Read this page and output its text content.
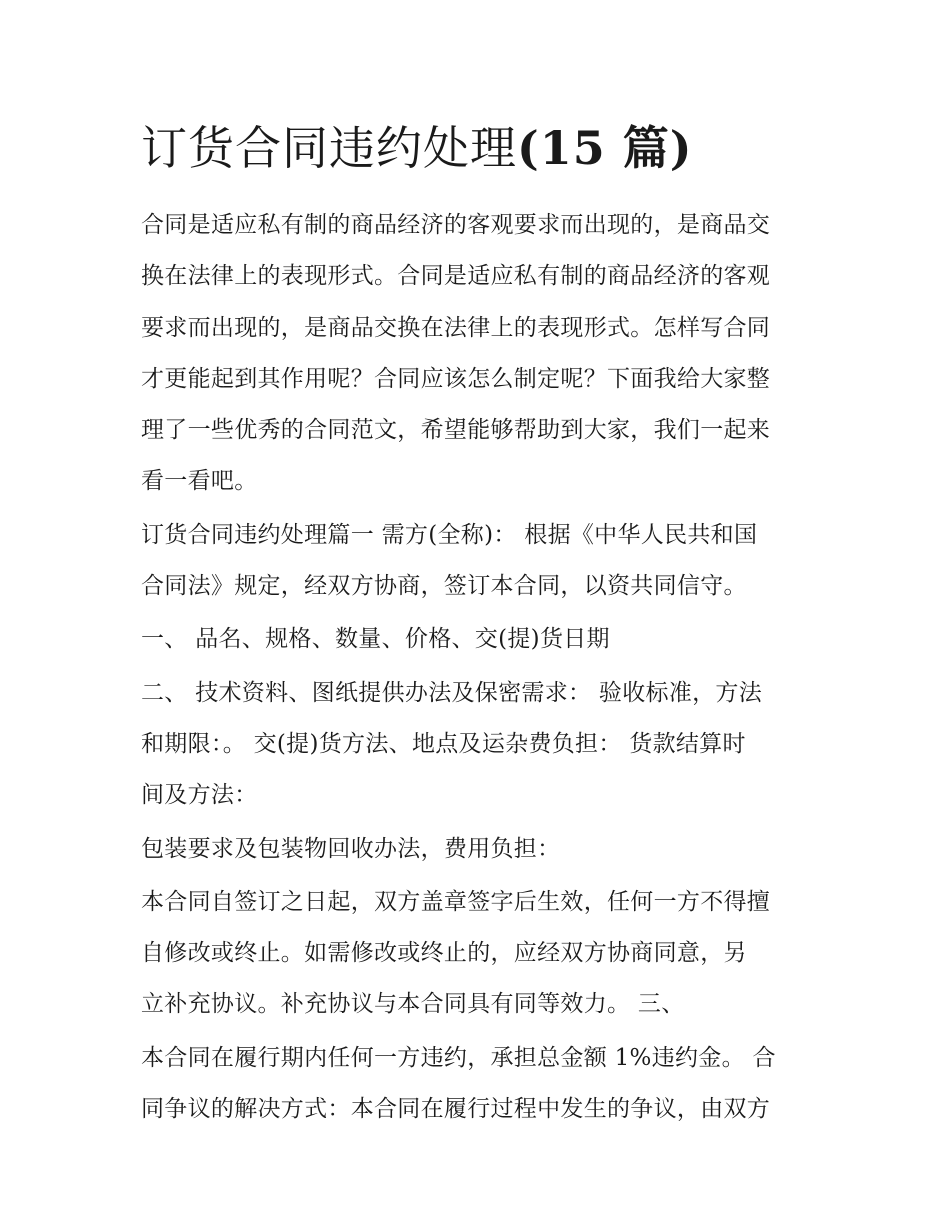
订货合同违约处理(15 篇)
合同是适应私有制的商品经济的客观要求而出现的，是商品交
换在法律上的表现形式。合同是适应私有制的商品经济的客观
要求而出现的，是商品交换在法律上的表现形式。怎样写合同
才更能起到其作用呢？合同应该怎么制定呢？下面我给大家整
理了一些优秀的合同范文，希望能够帮助到大家，我们一起来
看一看吧。
订货合同违约处理篇一 需方(全称)： 根据《中华人民共和国
合同法》规定，经双方协商，签订本合同，以资共同信守。
一、 品名、规格、数量、价格、交(提)货日期
二、 技术资料、图纸提供办法及保密需求： 验收标准，方法
和期限：。 交(提)货方法、地点及运杂费负担： 货款结算时
间及方法：
包装要求及包装物回收办法，费用负担：
本合同自签订之日起，双方盖章签字后生效，任何一方不得擅
自修改或终止。如需修改或终止的，应经双方协商同意，另
立补充协议。补充协议与本合同具有同等效力。 三、
本合同在履行期内任何一方违约，承担总金额 1%违约金。 合
同争议的解决方式：本合同在履行过程中发生的争议，由双方
